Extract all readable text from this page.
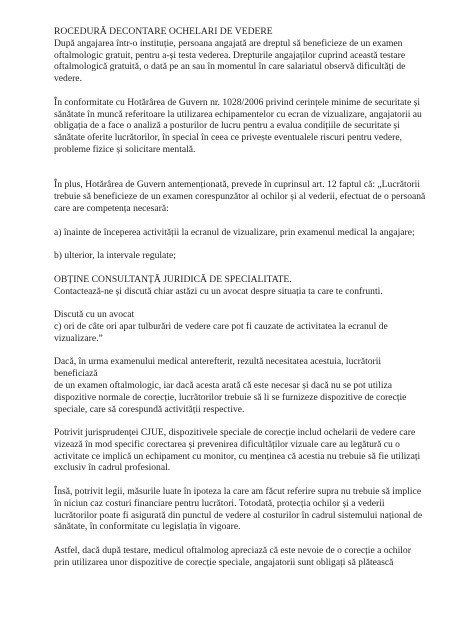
ROCEDURĂ DECONTARE OCHELARI DE VEDERE

După angajarea într-o instituție, persoana angajată are dreptul să beneficieze de un examen
oftalmologic gratuit, pentru a-și testa vederea. Drepturile angajaților cuprind această testare
oftalmologică gratuită, o dată pe an sau în momentul în care salariatul observă dificultăți de
vedere.

În conformitate cu Hotărârea de Guvern nr. 1028/2006 privind cerințele minime de securitate și
sănătate în muncă referitoare la utilizarea echipamentelor cu ecran de vizualizare, angajatorii au
obligația de a face o analiză a posturilor de lucru pentru a evalua condițiile de securitate și
sănătate oferite lucrătorilor, în special în ceea ce privește eventualele riscuri pentru vedere,
probleme fizice și solicitare mentală.

În plus, Hotărârea de Guvern antemenționată, prevede în cuprinsul art. 12 faptul că: „Lucrătorii
trebuie să beneficieze de un examen corespunzător al ochilor și al vederii, efectuat de o persoană
care are competența necesară:

a) înainte de începerea activității la ecranul de vizualizare, prin examenul medical la angajare;

b) ulterior, la intervale regulate;

OBȚINE CONSULTANȚĂ JURIDICĂ DE SPECIALITATE.

Contactează-ne și discută chiar astăzi cu un avocat despre situația ta care te confrunti.

Discută cu un avocat

c) ori de câte ori apar tulburări de vedere care pot fi cauzate de activitatea la ecranul de
vizualizare.”

Dacă, în urma examenului medical anterefterit, rezultă necesitatea acestuia, lucrătorii beneficiază
de un examen oftalmologic, iar dacă acesta arată că este necesar și dacă nu se pot utiliza
dispozitive normale de corecție, lucrătorilor trebuie să li se furnizeze dispozitive de corecție
speciale, care să corespundă activității respective.

Potrivit jurisprudenței CJUE, dispozitivele speciale de corecție includ ochelarii de vedere care
vizează în mod specific corectarea și prevenirea dificultăților vizuale care au legătură cu o
activitate ce implică un echipament cu monitor, cu menținea că acestia nu trebuie să fie utilizați
exclusiv în cadrul profesional.

Însă, potrivit legii, măsurile luate în ipoteza la care am făcut referire supra nu trebuie să implice
în niciun caz costuri financiare pentru lucrători. Totodată, protecția ochilor și a vederii
lucrătorilor poate fi asigurată din punctul de vedere al costurilor în cadrul sistemului național de
sănătate, în conformitate cu legislația în vigoare.

Astfel, dacă după testare, medicul oftalmolog apreciază că este nevoie de o corecție a ochilor
prin utilizarea unor dispozitive de corecție speciale, angajatorii sunt obligați să plătească
